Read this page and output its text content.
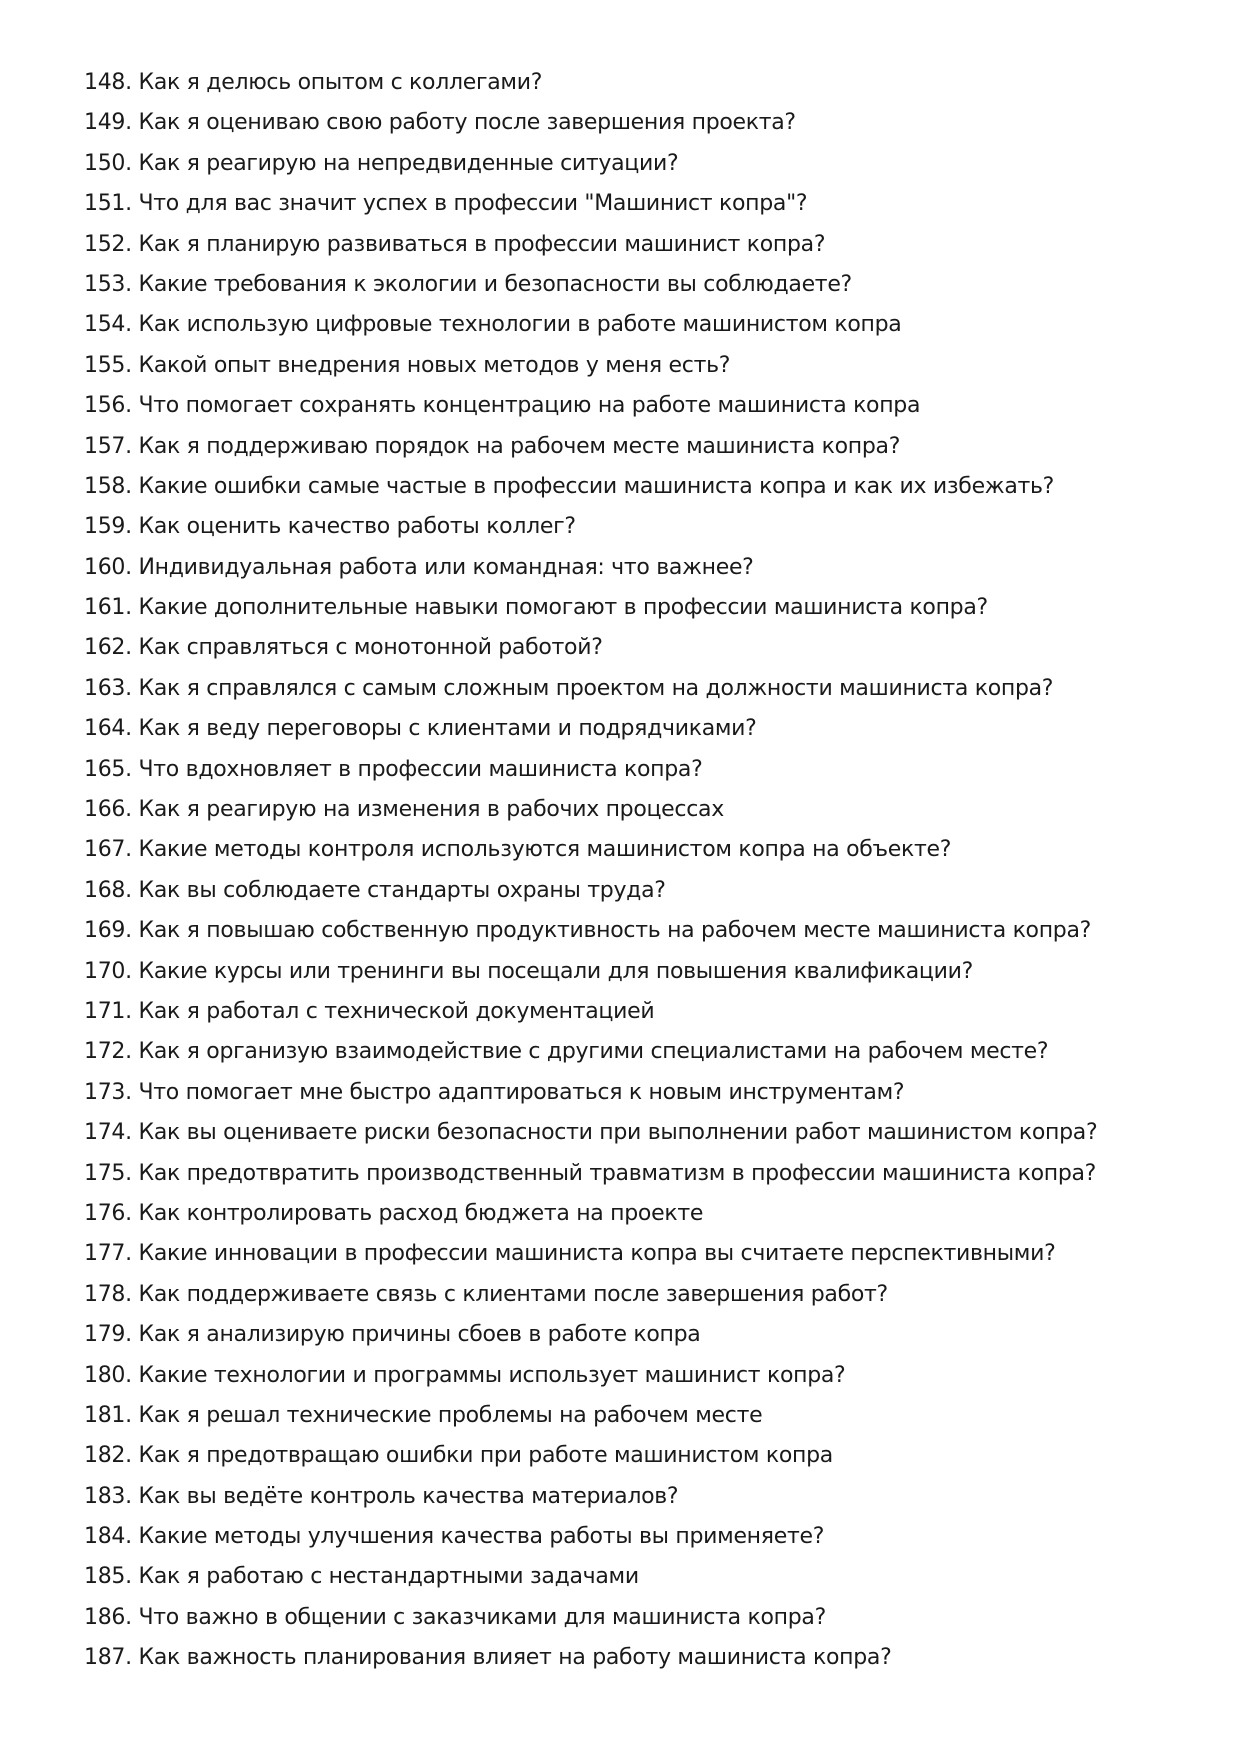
148. Как я делюсь опытом с коллегами?
149. Как я оцениваю свою работу после завершения проекта?
150. Как я реагирую на непредвиденные ситуации?
151. Что для вас значит успех в профессии "Машинист копра"?
152. Как я планирую развиваться в профессии машинист копра?
153. Какие требования к экологии и безопасности вы соблюдаете?
154. Как использую цифровые технологии в работе машинистом копра
155. Какой опыт внедрения новых методов у меня есть?
156. Что помогает сохранять концентрацию на работе машиниста копра
157. Как я поддерживаю порядок на рабочем месте машиниста копра?
158. Какие ошибки самые частые в профессии машиниста копра и как их избежать?
159. Как оценить качество работы коллег?
160. Индивидуальная работа или командная: что важнее?
161. Какие дополнительные навыки помогают в профессии машиниста копра?
162. Как справляться с монотонной работой?
163. Как я справлялся с самым сложным проектом на должности машиниста копра?
164. Как я веду переговоры с клиентами и подрядчиками?
165. Что вдохновляет в профессии машиниста копра?
166. Как я реагирую на изменения в рабочих процессах
167. Какие методы контроля используются машинистом копра на объекте?
168. Как вы соблюдаете стандарты охраны труда?
169. Как я повышаю собственную продуктивность на рабочем месте машиниста копра?
170. Какие курсы или тренинги вы посещали для повышения квалификации?
171. Как я работал с технической документацией
172. Как я организую взаимодействие с другими специалистами на рабочем месте?
173. Что помогает мне быстро адаптироваться к новым инструментам?
174. Как вы оцениваете риски безопасности при выполнении работ машинистом копра?
175. Как предотвратить производственный травматизм в профессии машиниста копра?
176. Как контролировать расход бюджета на проекте
177. Какие инновации в профессии машиниста копра вы считаете перспективными?
178. Как поддерживаете связь с клиентами после завершения работ?
179. Как я анализирую причины сбоев в работе копра
180. Какие технологии и программы использует машинист копра?
181. Как я решал технические проблемы на рабочем месте
182. Как я предотвращаю ошибки при работе машинистом копра
183. Как вы ведёте контроль качества материалов?
184. Какие методы улучшения качества работы вы применяете?
185. Как я работаю с нестандартными задачами
186. Что важно в общении с заказчиками для машиниста копра?
187. Как важность планирования влияет на работу машиниста копра?
